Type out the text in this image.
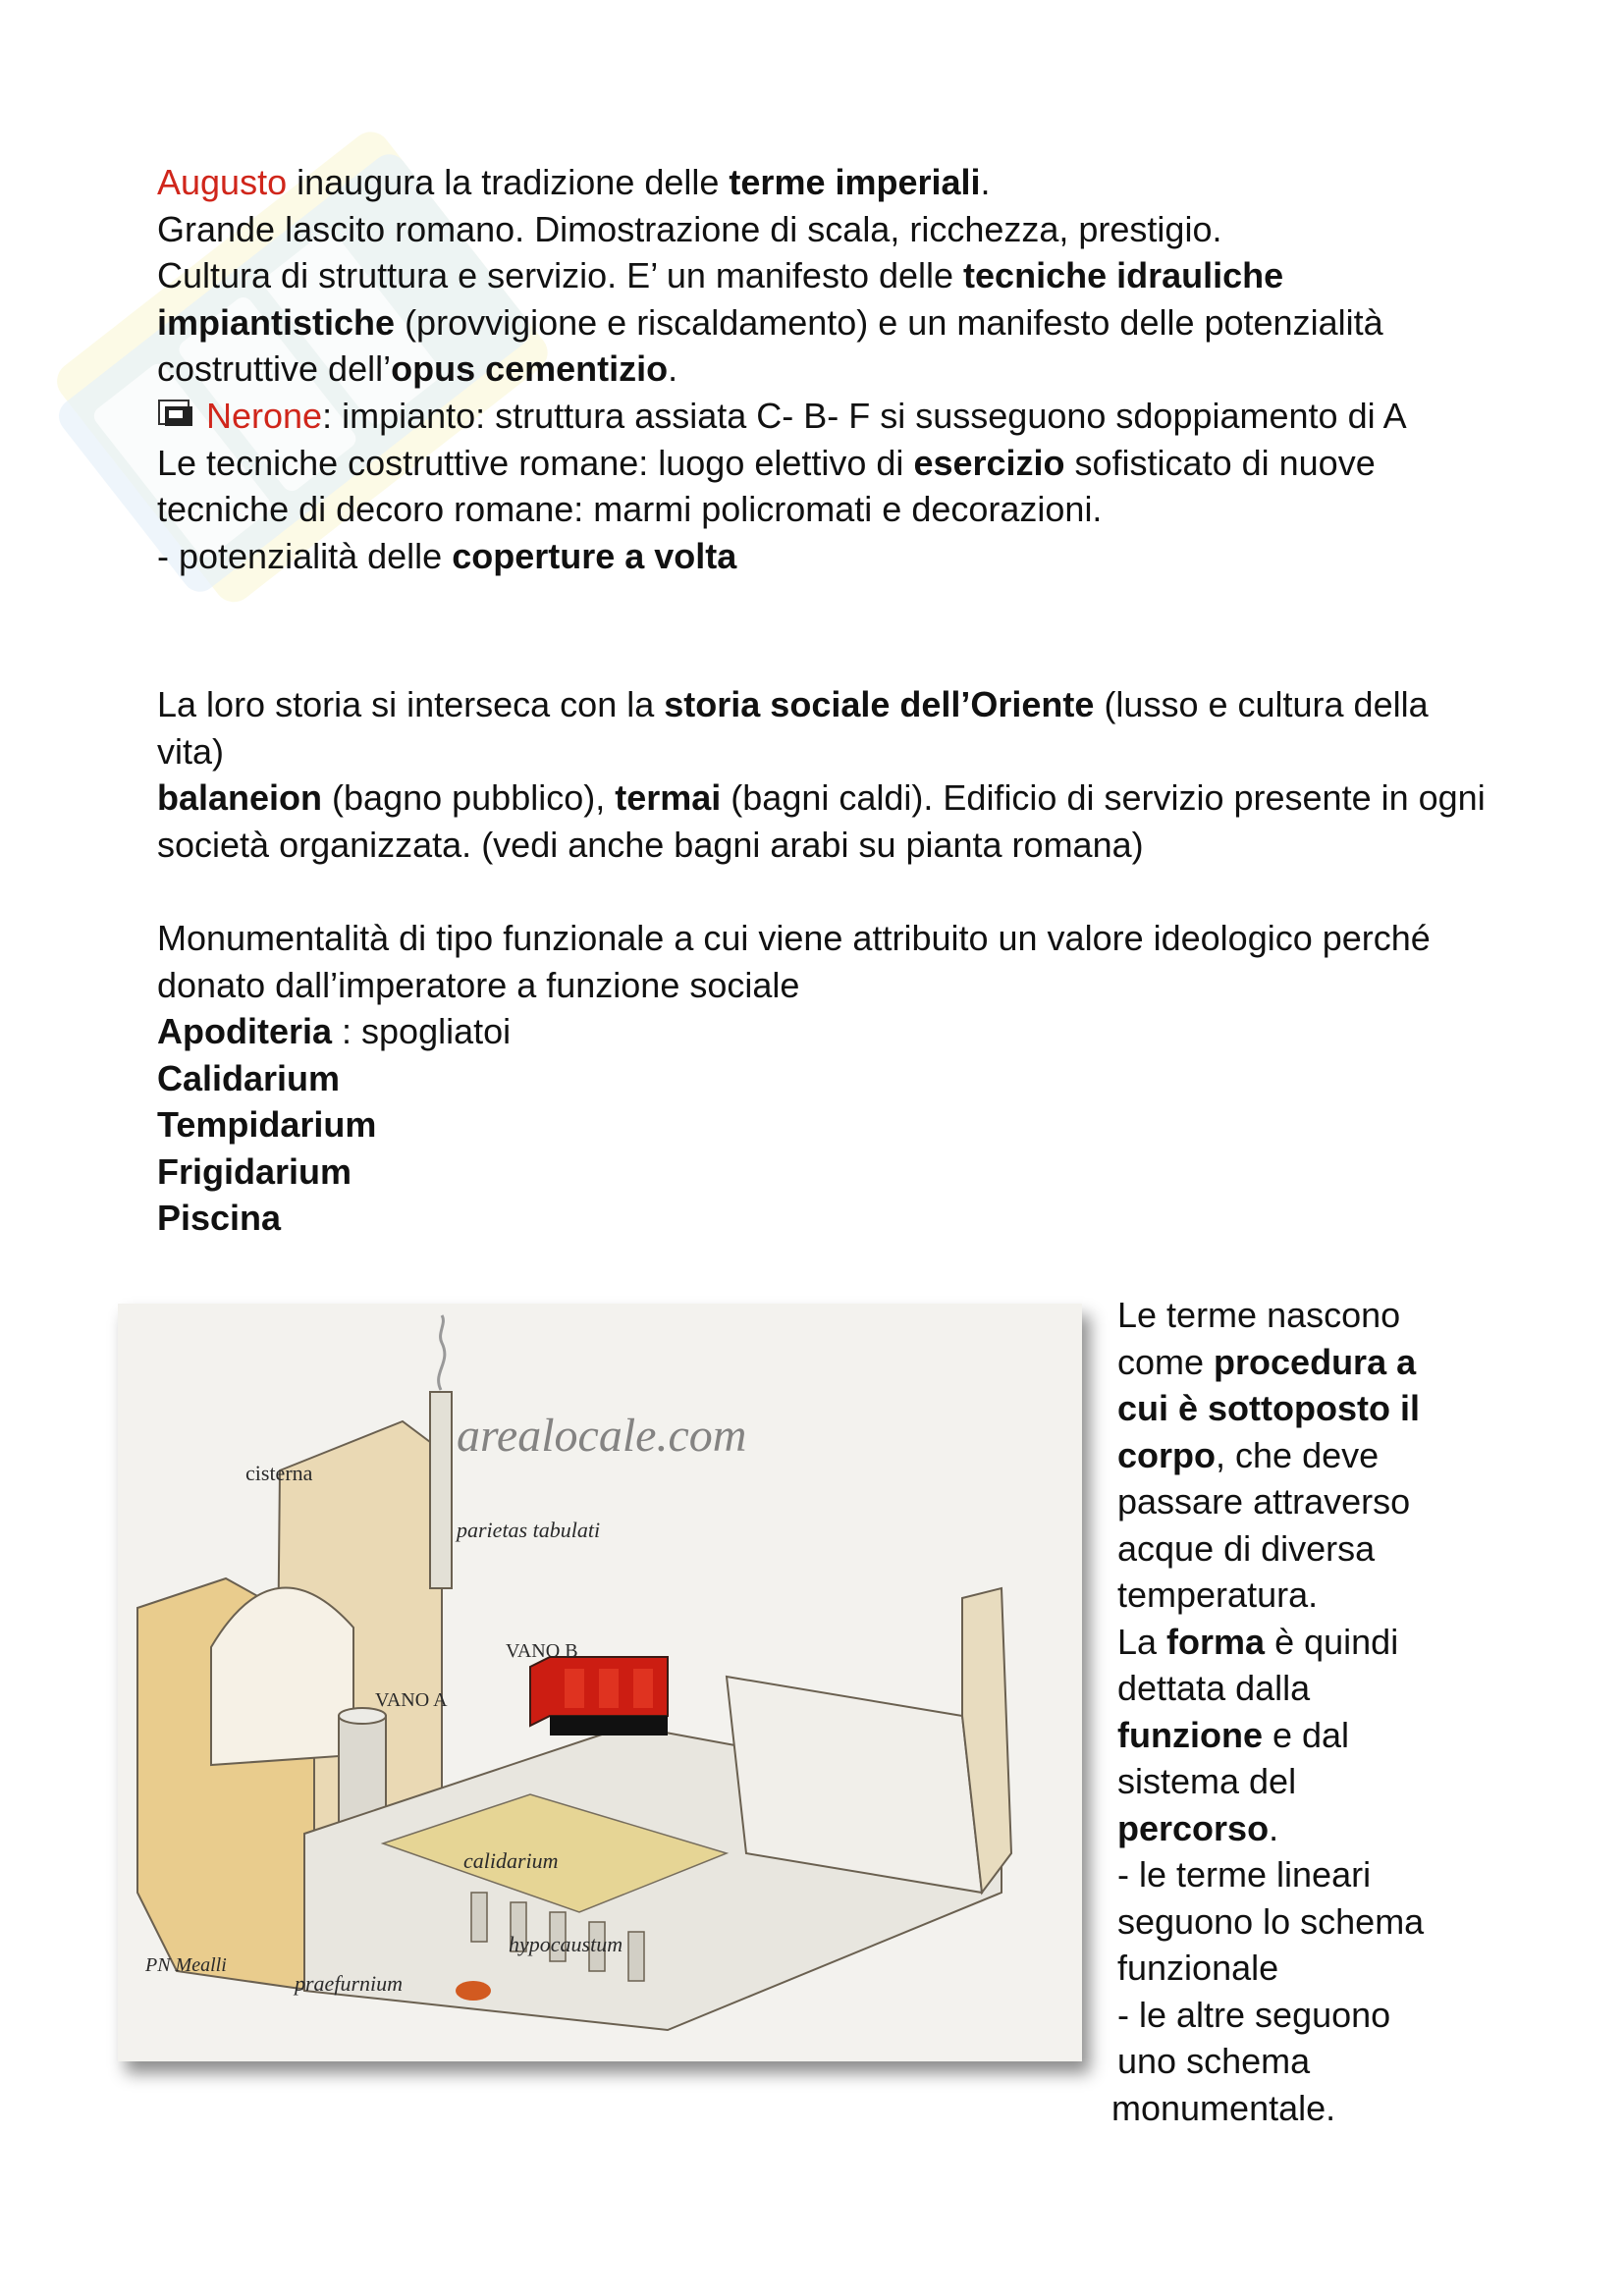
Augusto inaugura la tradizione delle terme imperiali.
Grande lascito romano. Dimostrazione di scala, ricchezza, prestigio.
Cultura di struttura e servizio. E’ un manifesto delle tecniche idrauliche impiantistiche (provvigione e riscaldamento) e un manifesto delle potenzialità costruttive dell’opus cementizio.

Nerone: impianto: struttura assiata C- B- F si susseguono sdoppiamento di A
Le tecniche costruttive romane: luogo elettivo di esercizio sofisticato di nuove tecniche di decoro romane: marmi policromati e decorazioni.
- potenzialità delle coperture a volta

La loro storia si interseca con la storia sociale dell’Oriente (lusso e cultura della vita)
balaneion (bagno pubblico), termai (bagni caldi). Edificio di servizio presente in ogni società organizzata. (vedi anche bagni arabi su pianta romana)

Monumentalità di tipo funzionale a cui viene attribuito un valore ideologico perché donato dall’imperatore a funzione sociale
Apoditeria : spogliatoi
Calidarium
Tempidarium
Frigidarium
Piscina

cisterna
parietas tabulati
VANO B
VANO A
calidarium
hypocaustum
praefurnium
PN Mealli
arealocale.com

Le terme nascono
come procedura a
cui è sottoposto il
corpo, che deve
passare attraverso
acque di diversa
temperatura.
La forma è quindi
dettata dalla
funzione e dal
sistema del
percorso.
- le terme lineari
seguono lo schema
funzionale
- le altre seguono
uno schema
monumentale.
